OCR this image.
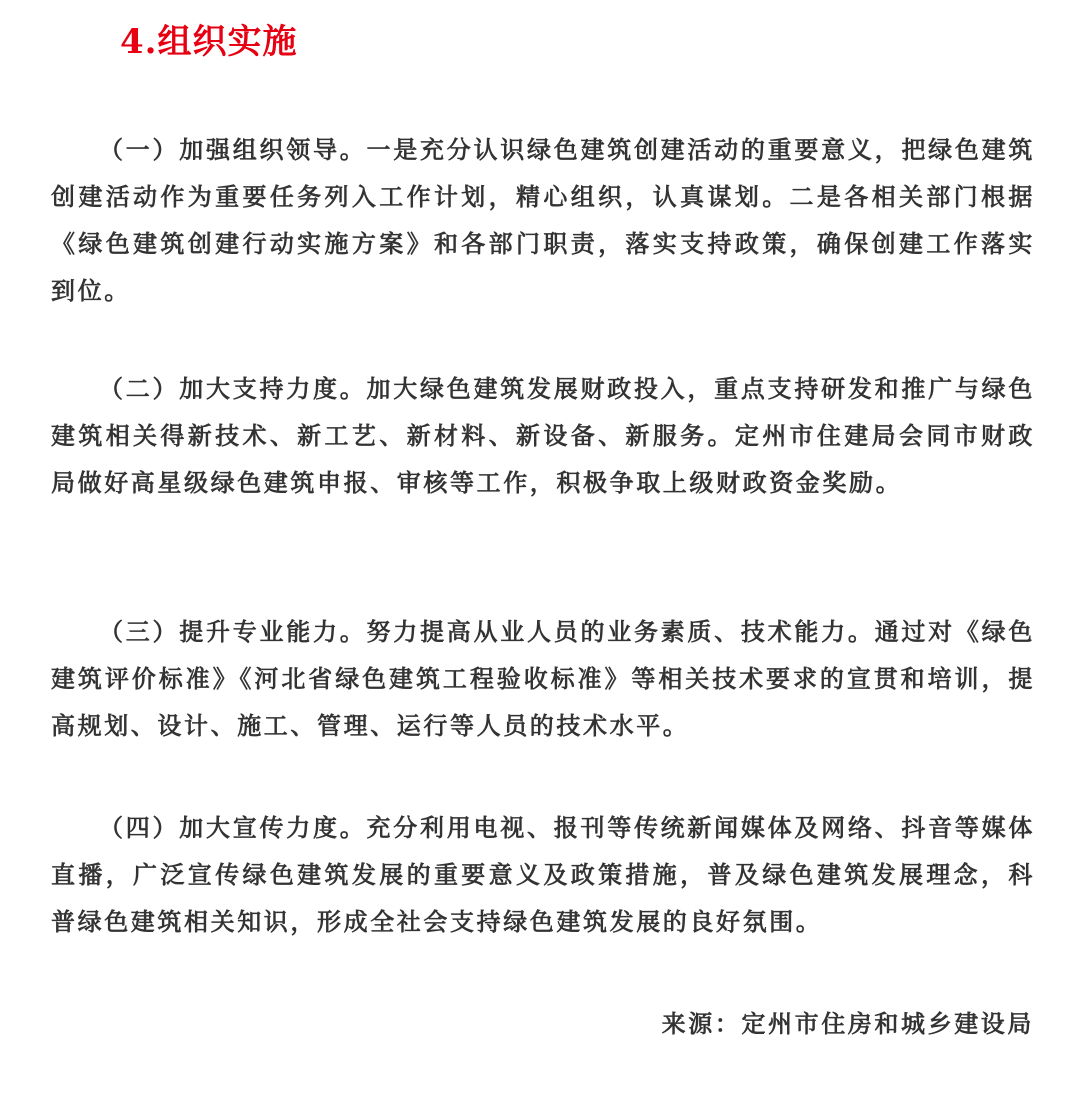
4.组织实施

（一）加强组织领导。一是充分认识绿色建筑创建活动的重要意义，把绿色建筑创建活动作为重要任务列入工作计划，精心组织，认真谋划。二是各相关部门根据《绿色建筑创建行动实施方案》和各部门职责，落实支持政策，确保创建工作落实到位。

（二）加大支持力度。加大绿色建筑发展财政投入，重点支持研发和推广与绿色建筑相关得新技术、新工艺、新材料、新设备、新服务。定州市住建局会同市财政局做好高星级绿色建筑申报、审核等工作，积极争取上级财政资金奖励。

（三）提升专业能力。努力提高从业人员的业务素质、技术能力。通过对《绿色建筑评价标准》《河北省绿色建筑工程验收标准》等相关技术要求的宣贯和培训，提高规划、设计、施工、管理、运行等人员的技术水平。

（四）加大宣传力度。充分利用电视、报刊等传统新闻媒体及网络、抖音等媒体直播，广泛宣传绿色建筑发展的重要意义及政策措施，普及绿色建筑发展理念，科普绿色建筑相关知识，形成全社会支持绿色建筑发展的良好氛围。

来源：定州市住房和城乡建设局
